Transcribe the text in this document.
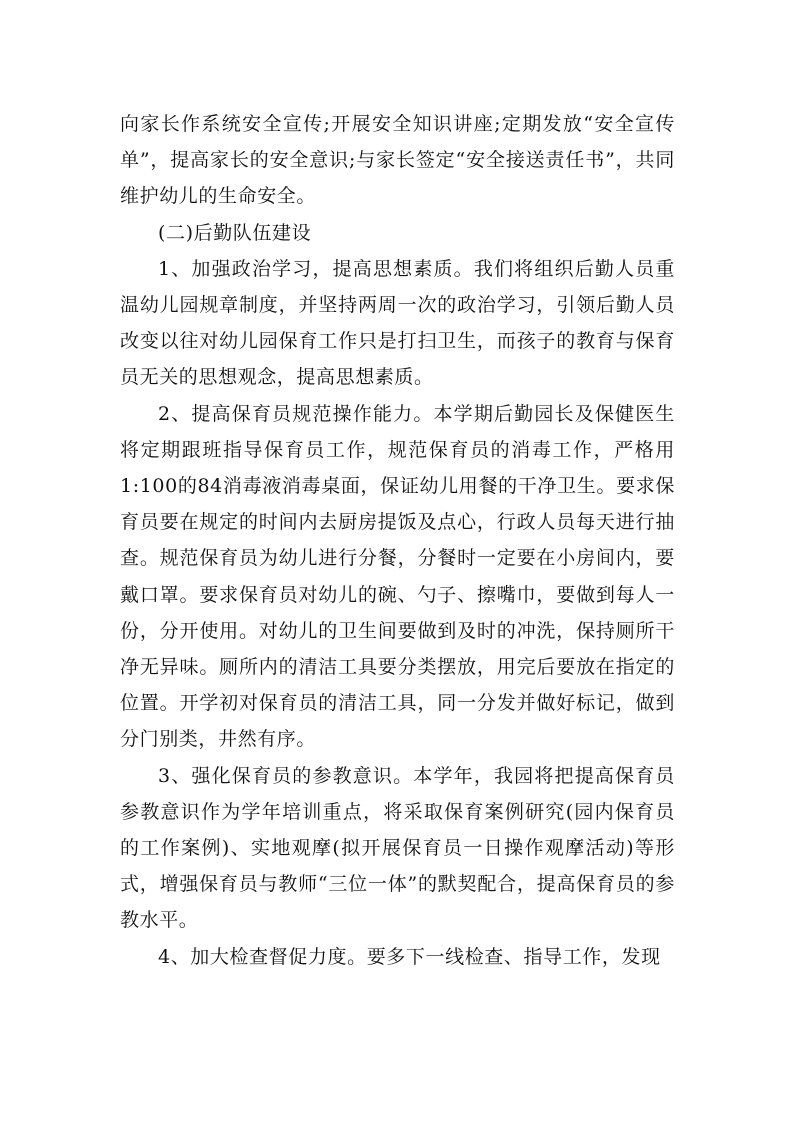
向家长作系统安全宣传;开展安全知识讲座;定期发放“安全宣传单”，提高家长的安全意识;与家长签定“安全接送责任书”，共同维护幼儿的生命安全。

(二)后勤队伍建设

1、加强政治学习，提高思想素质。我们将组织后勤人员重温幼儿园规章制度，并坚持两周一次的政治学习，引领后勤人员改变以往对幼儿园保育工作只是打扫卫生，而孩子的教育与保育员无关的思想观念，提高思想素质。

2、提高保育员规范操作能力。本学期后勤园长及保健医生将定期跟班指导保育员工作，规范保育员的消毒工作，严格用1:100的84消毒液消毒桌面，保证幼儿用餐的干净卫生。要求保育员要在规定的时间内去厨房提饭及点心，行政人员每天进行抽查。规范保育员为幼儿进行分餐，分餐时一定要在小房间内，要戴口罩。要求保育员对幼儿的碗、勺子、擦嘴巾，要做到每人一份，分开使用。对幼儿的卫生间要做到及时的冲洗，保持厕所干净无异味。厕所内的清洁工具要分类摆放，用完后要放在指定的位置。开学初对保育员的清洁工具，同一分发并做好标记，做到分门别类，井然有序。

3、强化保育员的参教意识。本学年，我园将把提高保育员参教意识作为学年培训重点，将采取保育案例研究(园内保育员的工作案例)、实地观摩(拟开展保育员一日操作观摩活动)等形式，增强保育员与教师“三位一体”的默契配合，提高保育员的参教水平。

4、加大检查督促力度。要多下一线检查、指导工作，发现
